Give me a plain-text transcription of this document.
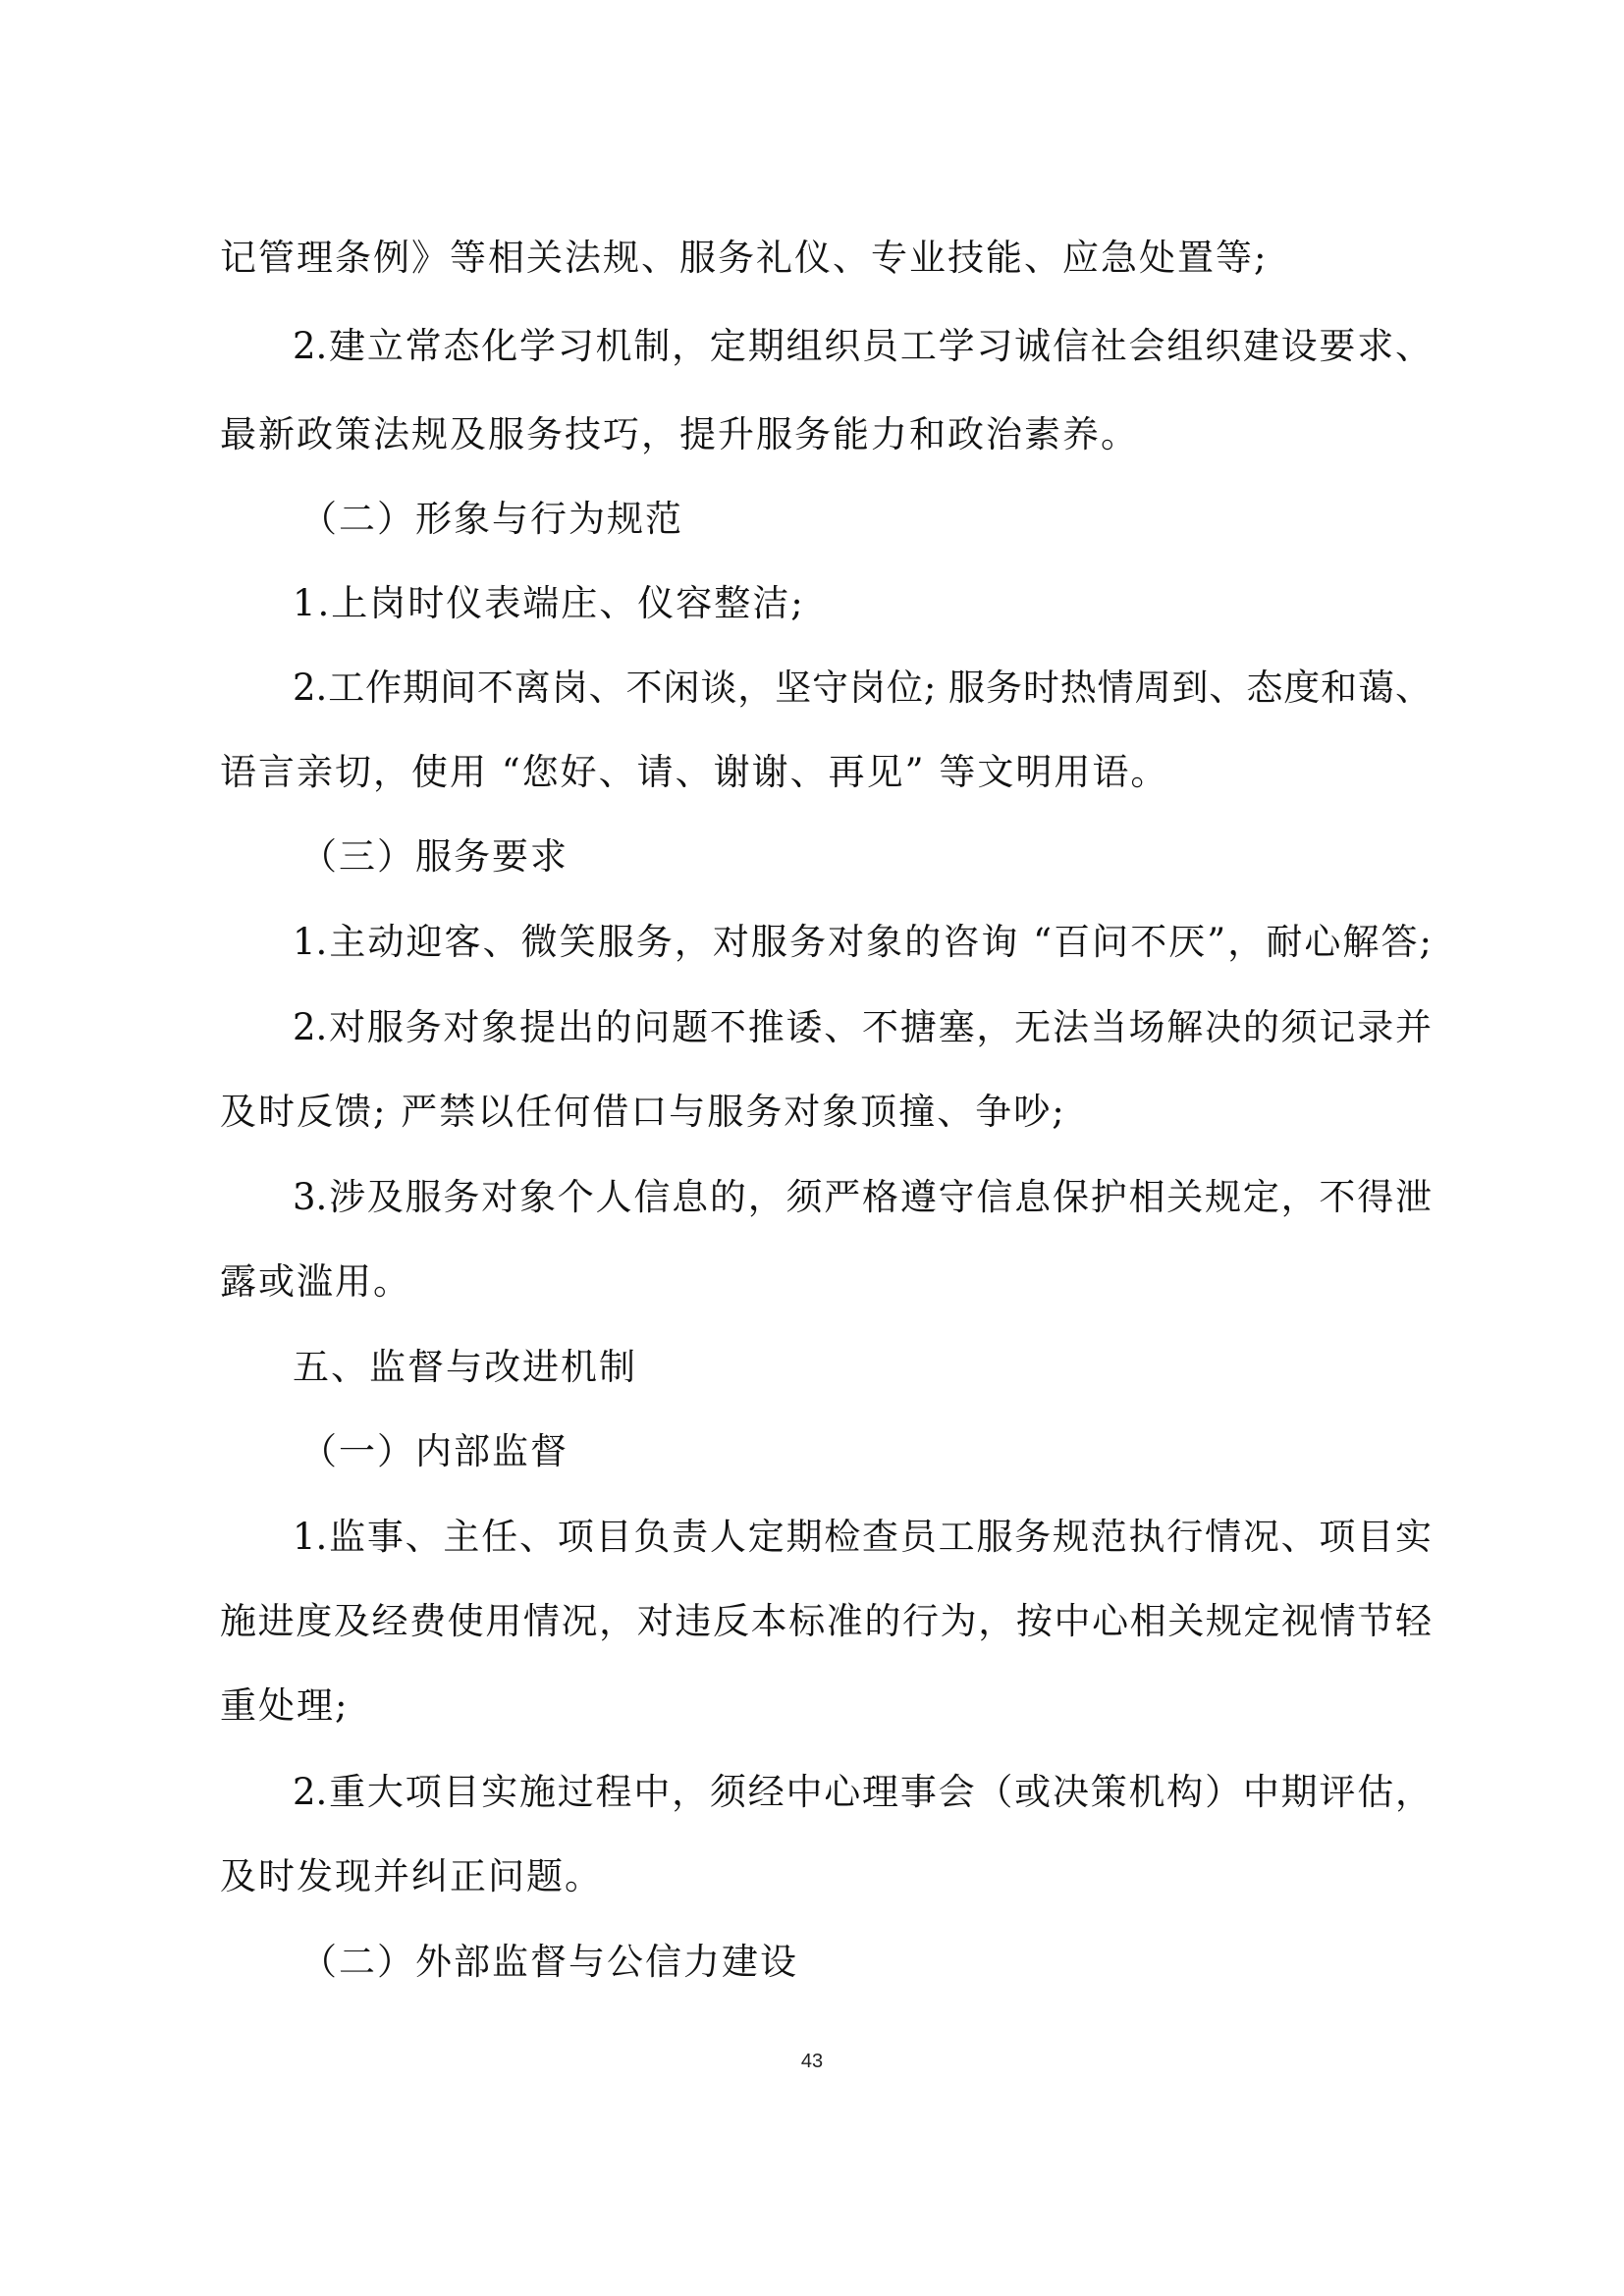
记管理条例》等相关法规、服务礼仪、专业技能、应急处置等;
2.建立常态化学习机制，定期组织员工学习诚信社会组织建设要求、
最新政策法规及服务技巧，提升服务能力和政治素养。
（二）形象与行为规范
1.上岗时仪表端庄、仪容整洁;
2.工作期间不离岗、不闲谈，坚守岗位; 服务时热情周到、态度和蔼、
语言亲切，使用 “您好、请、谢谢、再见” 等文明用语。
（三）服务要求
1.主动迎客、微笑服务，对服务对象的咨询 “百问不厌”，耐心解答;
2.对服务对象提出的问题不推诿、不搪塞，无法当场解决的须记录并
及时反馈; 严禁以任何借口与服务对象顶撞、争吵;
3.涉及服务对象个人信息的，须严格遵守信息保护相关规定，不得泄
露或滥用。
五、监督与改进机制
（一）内部监督
1.监事、主任、项目负责人定期检查员工服务规范执行情况、项目实
施进度及经费使用情况，对违反本标准的行为，按中心相关规定视情节轻
重处理;
2.重大项目实施过程中，须经中心理事会（或决策机构）中期评估，
及时发现并纠正问题。
（二）外部监督与公信力建设
43
